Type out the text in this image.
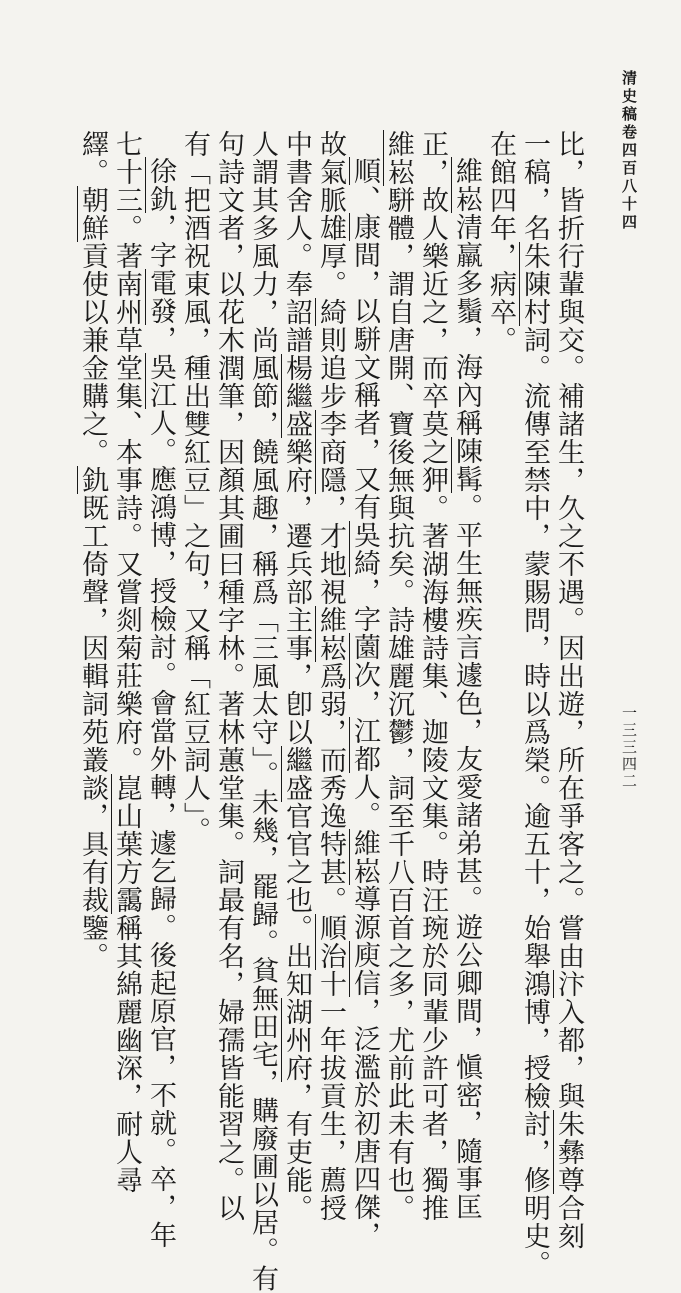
清史稿卷四百八十四
一三三四二
比，皆折行輩與交。補諸生，久之不遇。因出遊，所在爭客之。嘗由汴入都，與朱彝尊合刻
一稿，名朱陳村詞。流傳至禁中，蒙賜問，時以爲榮。逾五十，始舉鴻博，授檢討，修明史。
在館四年，病卒。
維崧清羸多鬚，海內稱陳髯。平生無疾言遽色，友愛諸弟甚。遊公卿間，愼密，隨事匡
正，故人樂近之，而卒莫之狎。著湖海樓詩集、迦陵文集。時汪琬於同輩少許可者，獨推
維崧駢體，謂自唐開、寶後無與抗矣。詩雄麗沉鬱，詞至千八百首之多，尤前此未有也。
順、康間，以駢文稱者，又有吳綺，字薗次，江都人。維崧導源庾信，泛濫於初唐四傑，
故氣脈雄厚。綺則追步李商隱，才地視維崧爲弱，而秀逸特甚。順治十一年拔貢生，薦授
中書舍人。奉詔譜楊繼盛樂府，遷兵部主事，卽以繼盛官官之也。出知湖州府，有吏能。
人謂其多風力，尚風節，饒風趣，稱爲「三風太守」。未幾，罷歸。貧無田宅，購廢圃以居。有
句詩文者，以花木潤筆，因顏其圃曰種字林。著林蕙堂集。詞最有名，婦孺皆能習之。以
有「把酒祝東風，種出雙紅豆」之句，又稱「紅豆詞人」。
徐釚，字電發，吳江人。應鴻博，授檢討。會當外轉，遽乞歸。後起原官，不就。卒，年
七十三。著南州草堂集、本事詩。又嘗剡菊莊樂府。崑山葉方靄稱其綿麗幽深，耐人尋
繹。朝鮮貢使以兼金購之。釚既工倚聲，因輯詞苑叢談，具有裁鑒。
